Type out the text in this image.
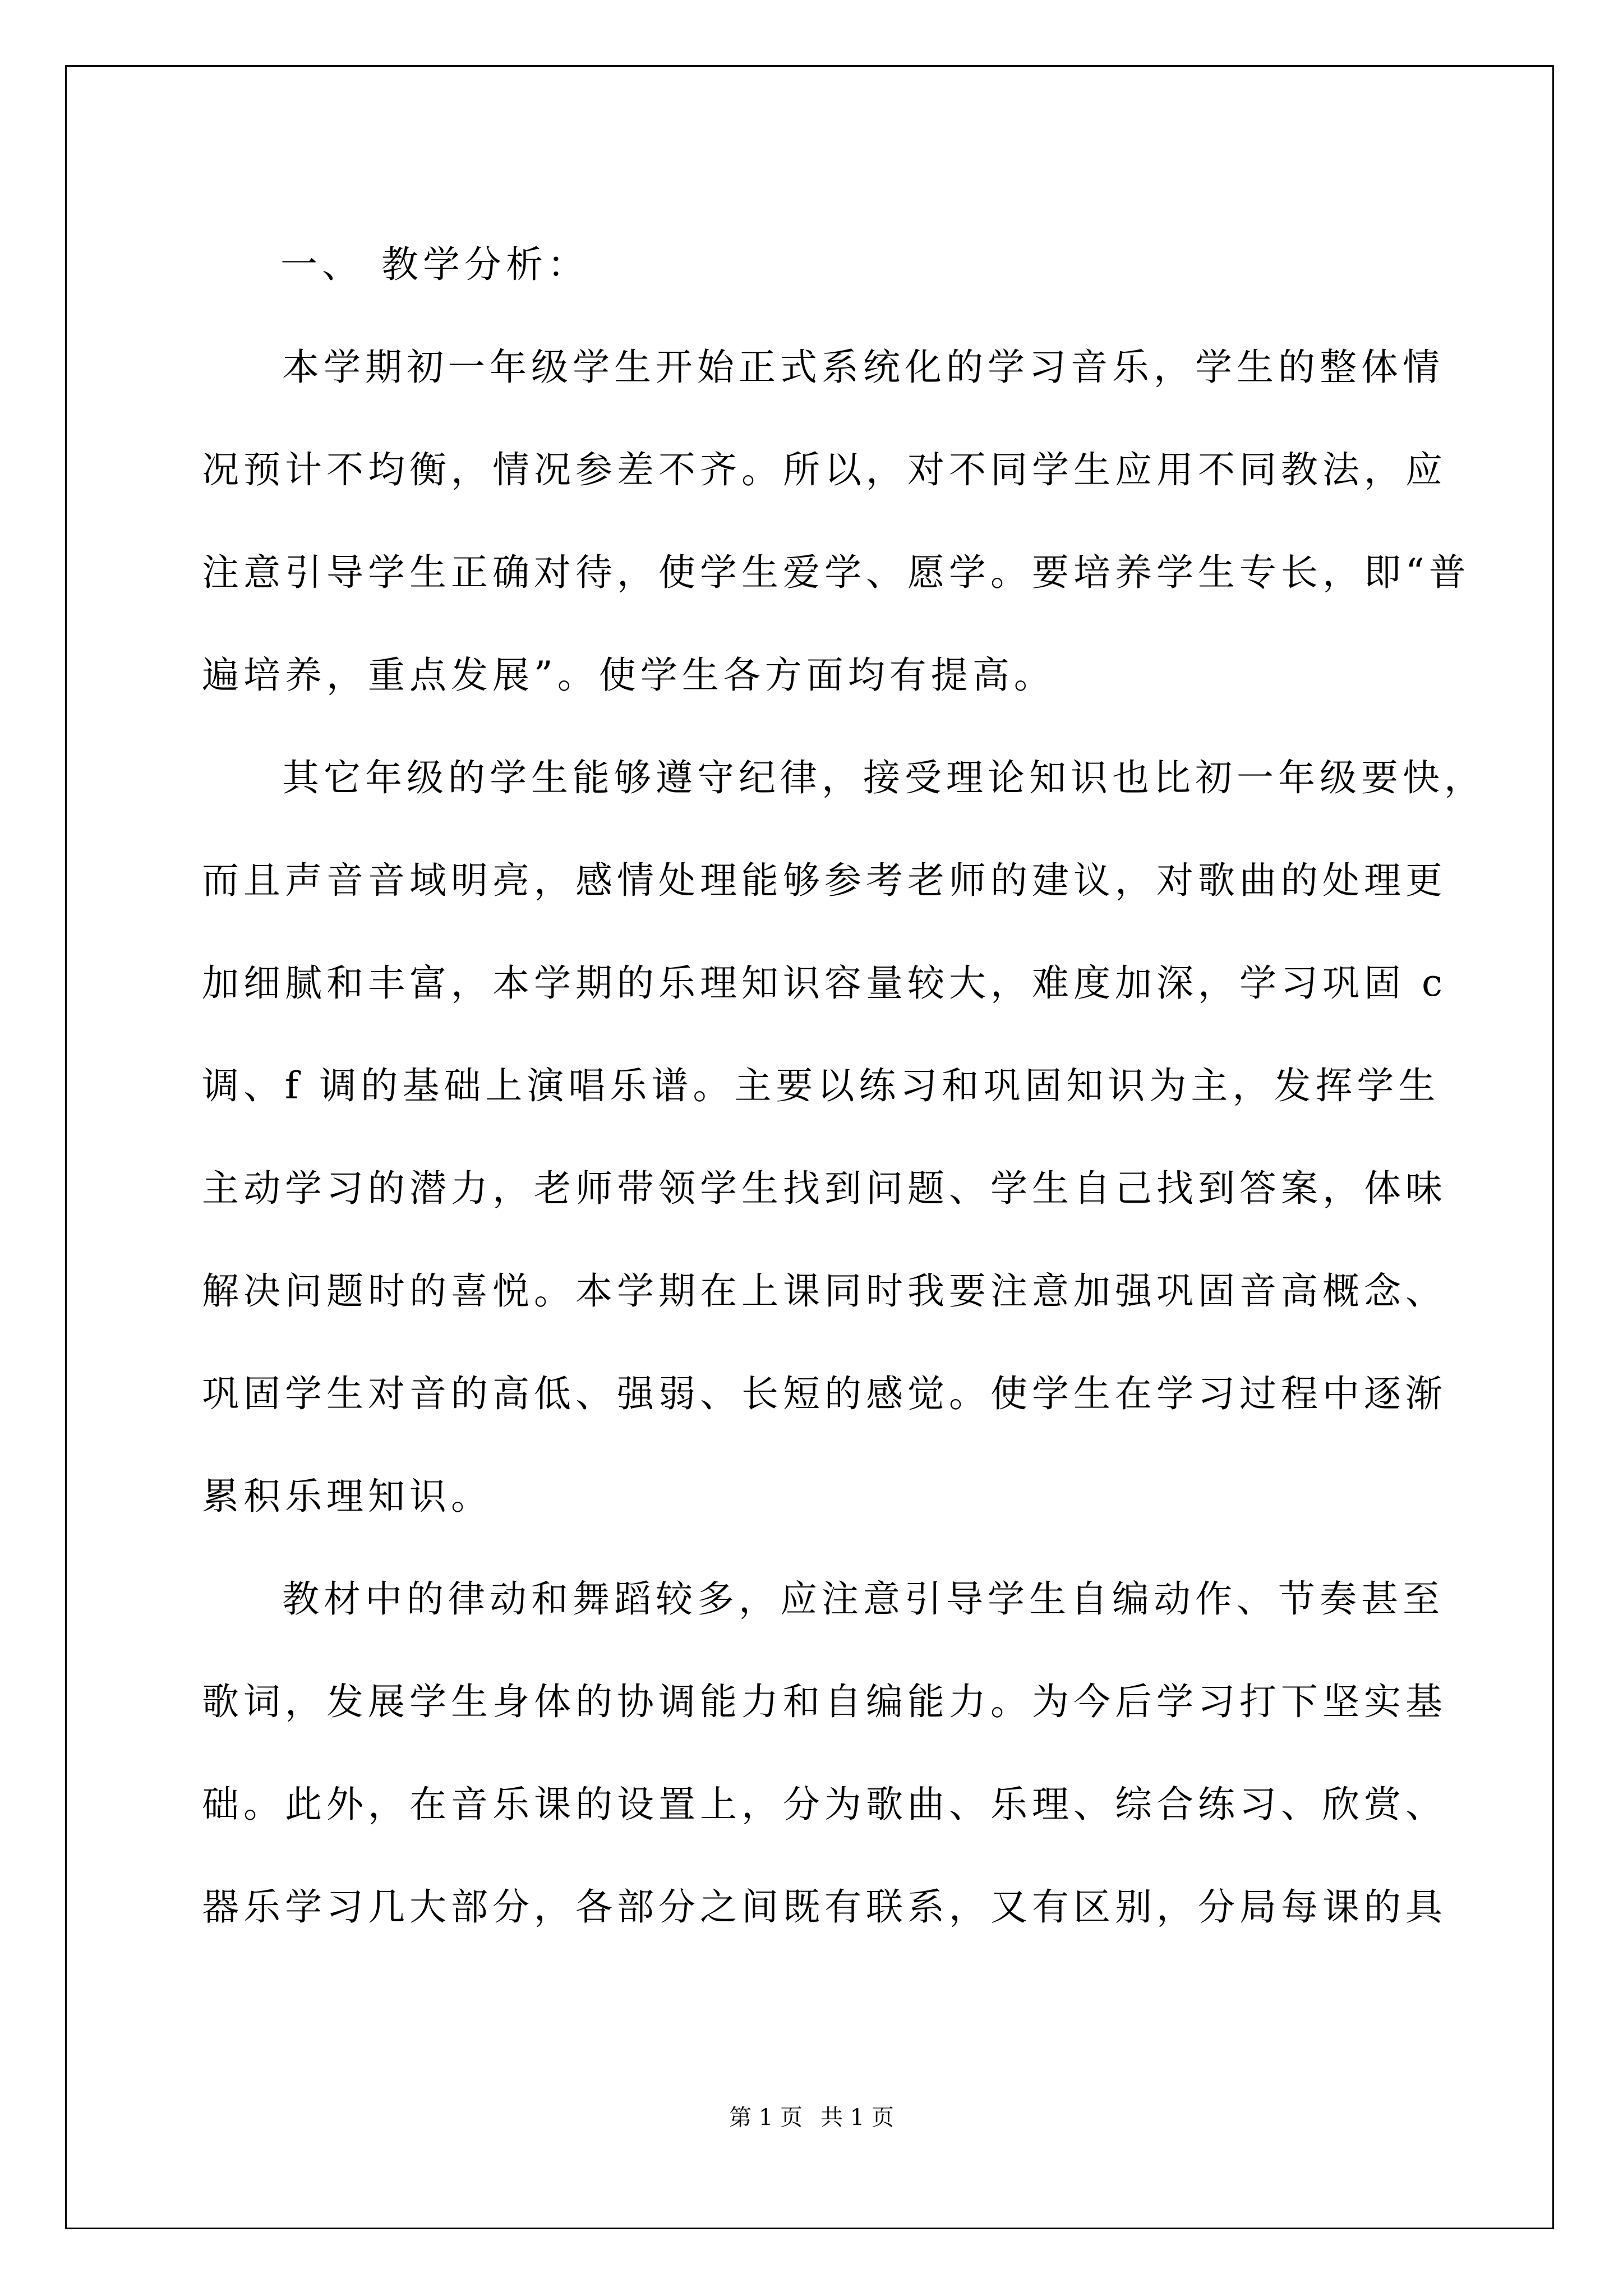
一、 教学分析：
本学期初一年级学生开始正式系统化的学习音乐，学生的整体情
况预计不均衡，情况参差不齐。所以，对不同学生应用不同教法，应
注意引导学生正确对待，使学生爱学、愿学。要培养学生专长，即“普
遍培养，重点发展”。使学生各方面均有提高。
其它年级的学生能够遵守纪律，接受理论知识也比初一年级要快，
而且声音音域明亮，感情处理能够参考老师的建议，对歌曲的处理更
加细腻和丰富，本学期的乐理知识容量较大，难度加深，学习巩固 c
调、f 调的基础上演唱乐谱。主要以练习和巩固知识为主，发挥学生
主动学习的潜力，老师带领学生找到问题、学生自己找到答案，体味
解决问题时的喜悦。本学期在上课同时我要注意加强巩固音高概念、
巩固学生对音的高低、强弱、长短的感觉。使学生在学习过程中逐渐
累积乐理知识。
教材中的律动和舞蹈较多，应注意引导学生自编动作、节奏甚至
歌词，发展学生身体的协调能力和自编能力。为今后学习打下坚实基
础。此外，在音乐课的设置上，分为歌曲、乐理、综合练习、欣赏、
器乐学习几大部分，各部分之间既有联系，又有区别，分局每课的具
第 1 页 共 1 页
